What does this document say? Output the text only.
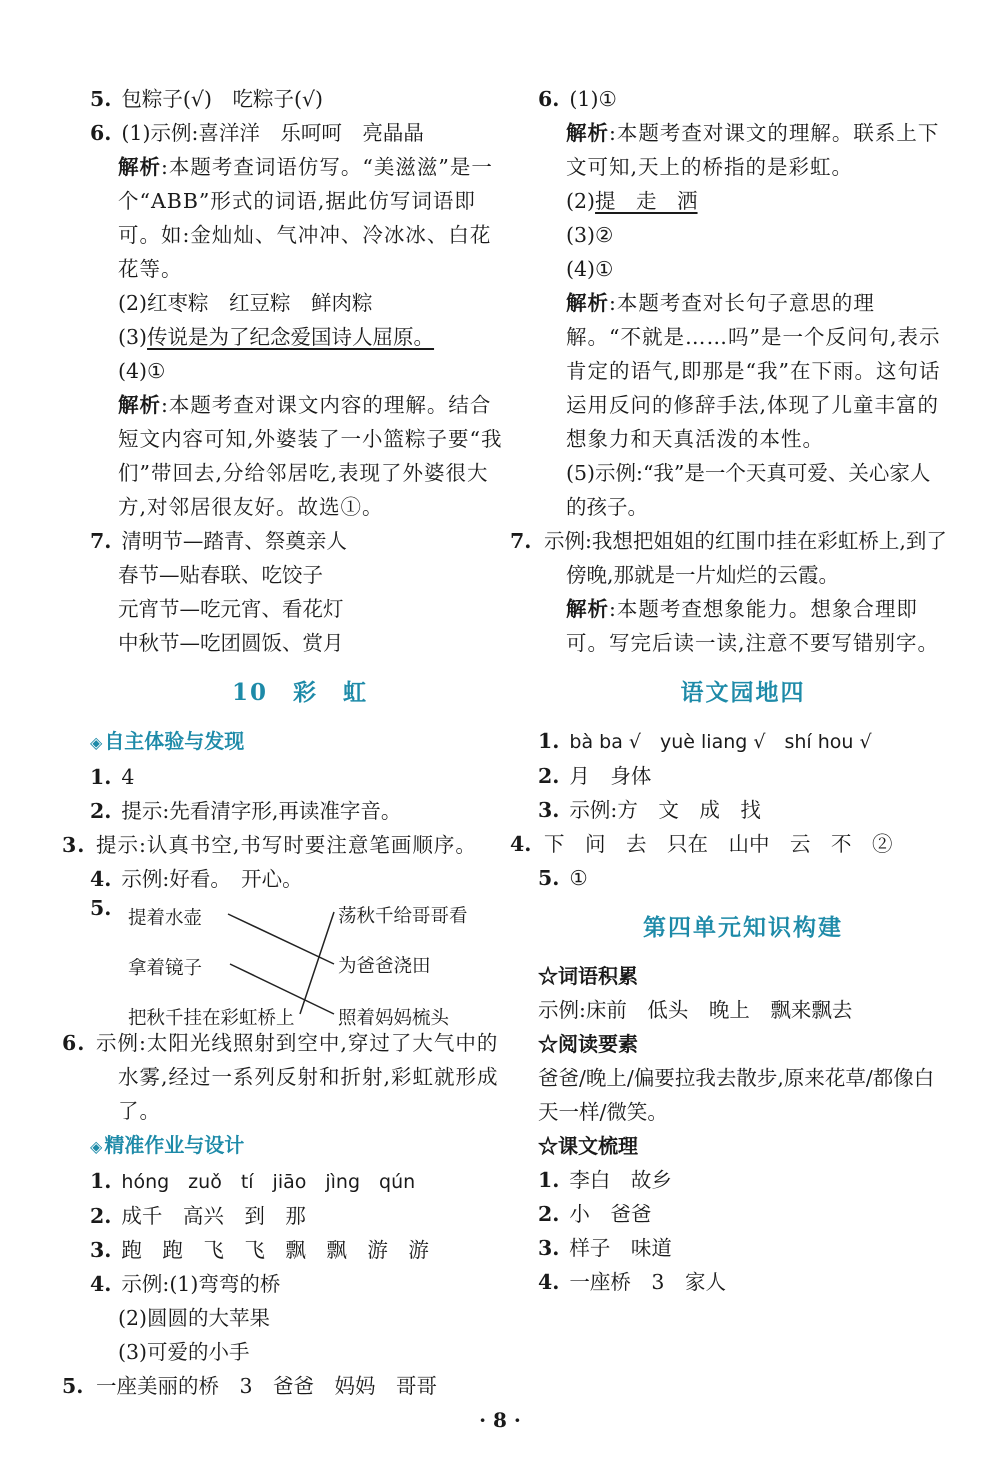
5. 包粽子(√)　吃粽子(√)
6. (1)示例:喜洋洋　乐呵呵　亮晶晶
解析:本题考查词语仿写。“美滋滋”是一个“ABB”形式的词语,据此仿写词语即可。如:金灿灿、气冲冲、冷冰冰、白花花等。
(2)红枣粽　红豆粽　鲜肉粽
(3)传说是为了纪念爱国诗人屈原。
(4)①
解析:本题考查对课文内容的理解。结合短文内容可知,外婆装了一小篮粽子要“我们”带回去,分给邻居吃,表现了外婆很大方,对邻居很友好。故选①。
7. 清明节—踏青、祭奠亲人
春节—贴春联、吃饺子
元宵节—吃元宵、看花灯
中秋节—吃团圆饭、赏月
10　彩　虹
◈ 自主体验与发现
1. 4
2. 提示:先看清字形,再读准字音。
3. 提示:认真书空,书写时要注意笔画顺序。
4. 示例:好看。　开心。
5. 提着水壶
拿着镜子
把秋千挂在彩虹桥上
荡秋千给哥哥看
为爸爸浇田
照着妈妈梳头
6. 示例:太阳光线照射到空中,穿过了大气中的水雾,经过一系列反射和折射,彩虹就形成了。
◈ 精准作业与设计
1. hóng　zuǒ　tí　jiāo　jìng　qún
2. 成千　高兴　到　那
3. 跑　跑　飞　飞　飘　飘　游　游
4. 示例:(1)弯弯的桥
(2)圆圆的大苹果
(3)可爱的小手
5. 一座美丽的桥　3　爸爸　妈妈　哥哥
6. (1)①
解析:本题考查对课文的理解。联系上下文可知,天上的桥指的是彩虹。
(2)提　走　洒
(3)②
(4)①
解析:本题考查对长句子意思的理解。“不就是……吗”是一个反问句,表示肯定的语气,即那是“我”在下雨。这句话运用反问的修辞手法,体现了儿童丰富的想象力和天真活泼的本性。
(5)示例:“我”是一个天真可爱、关心家人的孩子。
7. 示例:我想把姐姐的红围巾挂在彩虹桥上,到了傍晚,那就是一片灿烂的云霞。
解析:本题考查想象能力。想象合理即可。写完后读一读,注意不要写错别字。
语文园地四
1. bà ba √　yuè liang √　shí hou √
2. 月　身体
3. 示例:方　文　成　找
4. 下　问　去　只在　山中　云　不　②
5. ①
第四单元知识构建
☆词语积累
示例:床前　低头　晚上　飘来飘去
☆阅读要素
爸爸/晚上/偏要拉我去散步,原来花草/都像白天一样/微笑。
☆课文梳理
1. 李白　故乡
2. 小　爸爸
3. 样子　味道
4. 一座桥　3　家人
· 8 ·
